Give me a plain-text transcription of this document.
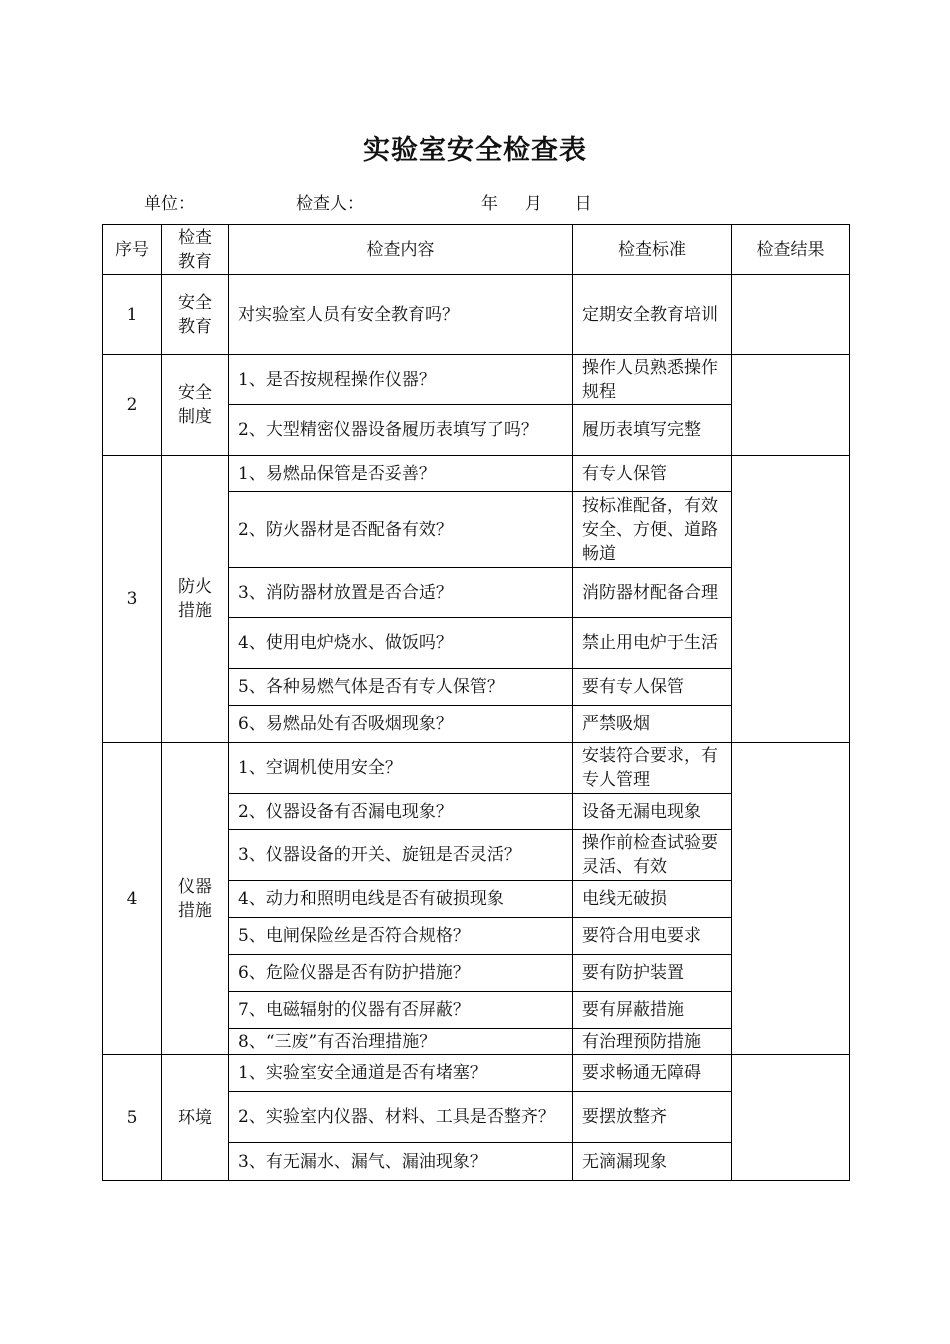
实验室安全检查表
单位：	检查人：	年 月 日
序号	检查教育	检查内容	检查标准	检查结果
1	安全教育	对实验室人员有安全教育吗？	定期安全教育培训	
2	安全制度	1、是否按规程操作仪器？	操作人员熟悉操作规程	
		2、大型精密仪器设备履历表填写了吗？	履历表填写完整	
3	防火措施	1、易燃品保管是否妥善？	有专人保管	
		2、防火器材是否配备有效？	按标准配备，有效安全、方便、道路畅道	
		3、消防器材放置是否合适？	消防器材配备合理	
		4、使用电炉烧水、做饭吗？	禁止用电炉于生活	
		5、各种易燃气体是否有专人保管？	要有专人保管	
		6、易燃品处有否吸烟现象？	严禁吸烟	
4	仪器措施	1、空调机使用安全？	安装符合要求，有专人管理	
		2、仪器设备有否漏电现象？	设备无漏电现象	
		3、仪器设备的开关、旋钮是否灵活？	操作前检查试验要灵活、有效	
		4、动力和照明电线是否有破损现象	电线无破损	
		5、电闸保险丝是否符合规格？	要符合用电要求	
		6、危险仪器是否有防护措施？	要有防护装置	
		7、电磁辐射的仪器有否屏蔽？	要有屏蔽措施	
		8、“三废”有否治理措施？	有治理预防措施	
5	环境	1、实验室安全通道是否有堵塞？	要求畅通无障碍	
		2、实验室内仪器、材料、工具是否整齐？	要摆放整齐	
		3、有无漏水、漏气、漏油现象？	无滴漏现象	
